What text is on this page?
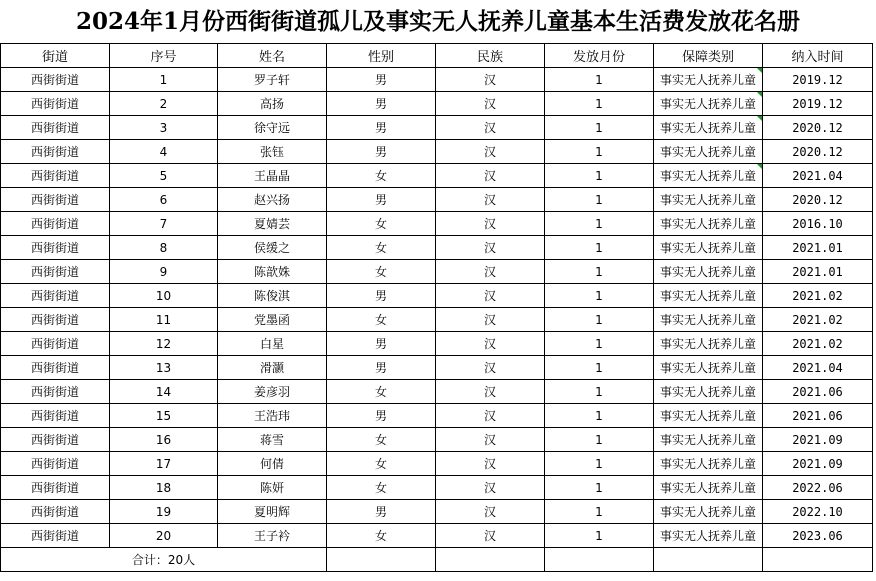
2024年1月份西街街道孤儿及事实无人抚养儿童基本生活费发放花名册
街道	序号	姓名	性别	民族	发放月份	保障类别	纳入时间
西街街道	1	罗子轩	男	汉	1	事实无人抚养儿童	2019.12
西街街道	2	高扬	男	汉	1	事实无人抚养儿童	2019.12
西街街道	3	徐守远	男	汉	1	事实无人抚养儿童	2020.12
西街街道	4	张钰	男	汉	1	事实无人抚养儿童	2020.12
西街街道	5	王晶晶	女	汉	1	事实无人抚养儿童	2021.04
西街街道	6	赵兴扬	男	汉	1	事实无人抚养儿童	2020.12
西街街道	7	夏婧芸	女	汉	1	事实无人抚养儿童	2016.10
西街街道	8	侯缓之	女	汉	1	事实无人抚养儿童	2021.01
西街街道	9	陈歆姝	女	汉	1	事实无人抚养儿童	2021.01
西街街道	10	陈俊淇	男	汉	1	事实无人抚养儿童	2021.02
西街街道	11	党墨函	女	汉	1	事实无人抚养儿童	2021.02
西街街道	12	白星	男	汉	1	事实无人抚养儿童	2021.02
西街街道	13	滑灏	男	汉	1	事实无人抚养儿童	2021.04
西街街道	14	姜彦羽	女	汉	1	事实无人抚养儿童	2021.06
西街街道	15	王浩玮	男	汉	1	事实无人抚养儿童	2021.06
西街街道	16	蒋雪	女	汉	1	事实无人抚养儿童	2021.09
西街街道	17	何倩	女	汉	1	事实无人抚养儿童	2021.09
西街街道	18	陈妍	女	汉	1	事实无人抚养儿童	2022.06
西街街道	19	夏明辉	男	汉	1	事实无人抚养儿童	2022.10
西街街道	20	王子衿	女	汉	1	事实无人抚养儿童	2023.06
合计：20人							
